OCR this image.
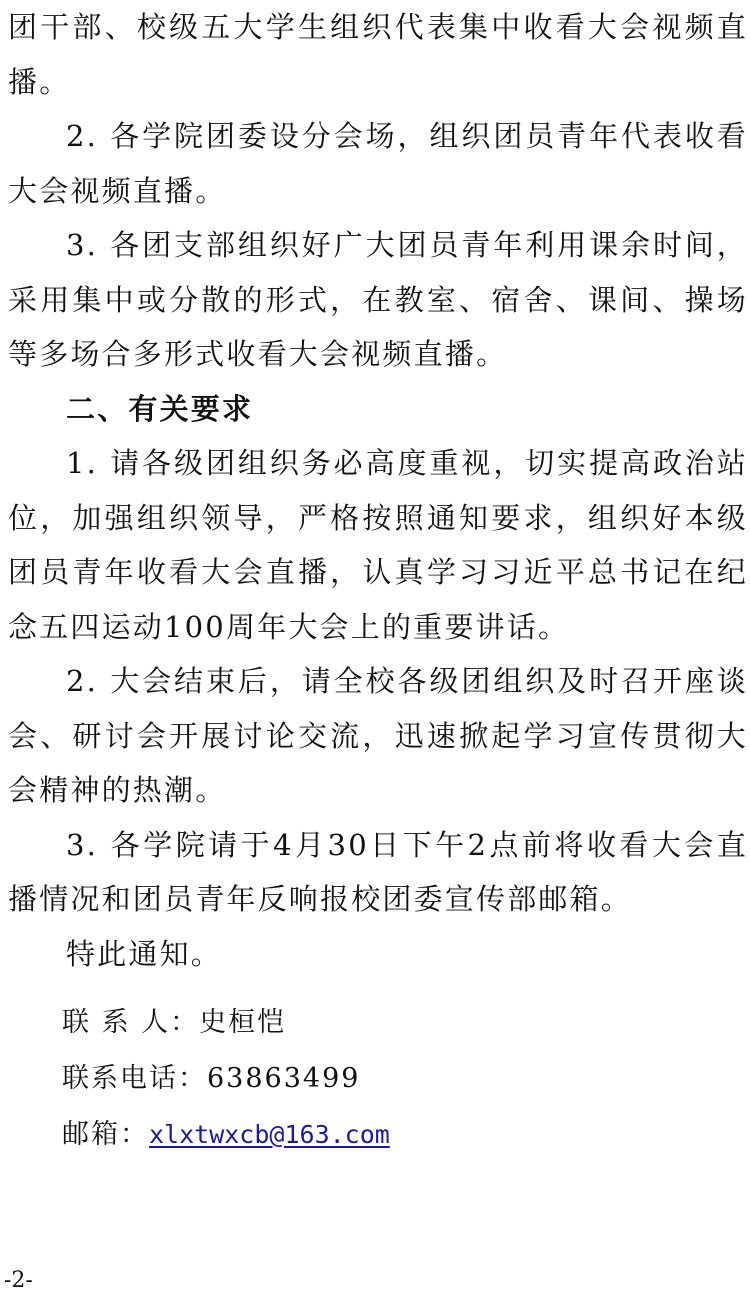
团干部、校级五大学生组织代表集中收看大会视频直播。

2. 各学院团委设分会场，组织团员青年代表收看大会视频直播。

3. 各团支部组织好广大团员青年利用课余时间，采用集中或分散的形式，在教室、宿舍、课间、操场等多场合多形式收看大会视频直播。

二、有关要求

1. 请各级团组织务必高度重视，切实提高政治站位，加强组织领导，严格按照通知要求，组织好本级团员青年收看大会直播，认真学习习近平总书记在纪念五四运动100周年大会上的重要讲话。

2. 大会结束后，请全校各级团组织及时召开座谈会、研讨会开展讨论交流，迅速掀起学习宣传贯彻大会精神的热潮。

3. 各学院请于4月30日下午2点前将收看大会直播情况和团员青年反响报校团委宣传部邮箱。

特此通知。

联 系 人：史桓恺
联系电话：63863499
邮箱：xlxtwxcb@163.com
-2-
